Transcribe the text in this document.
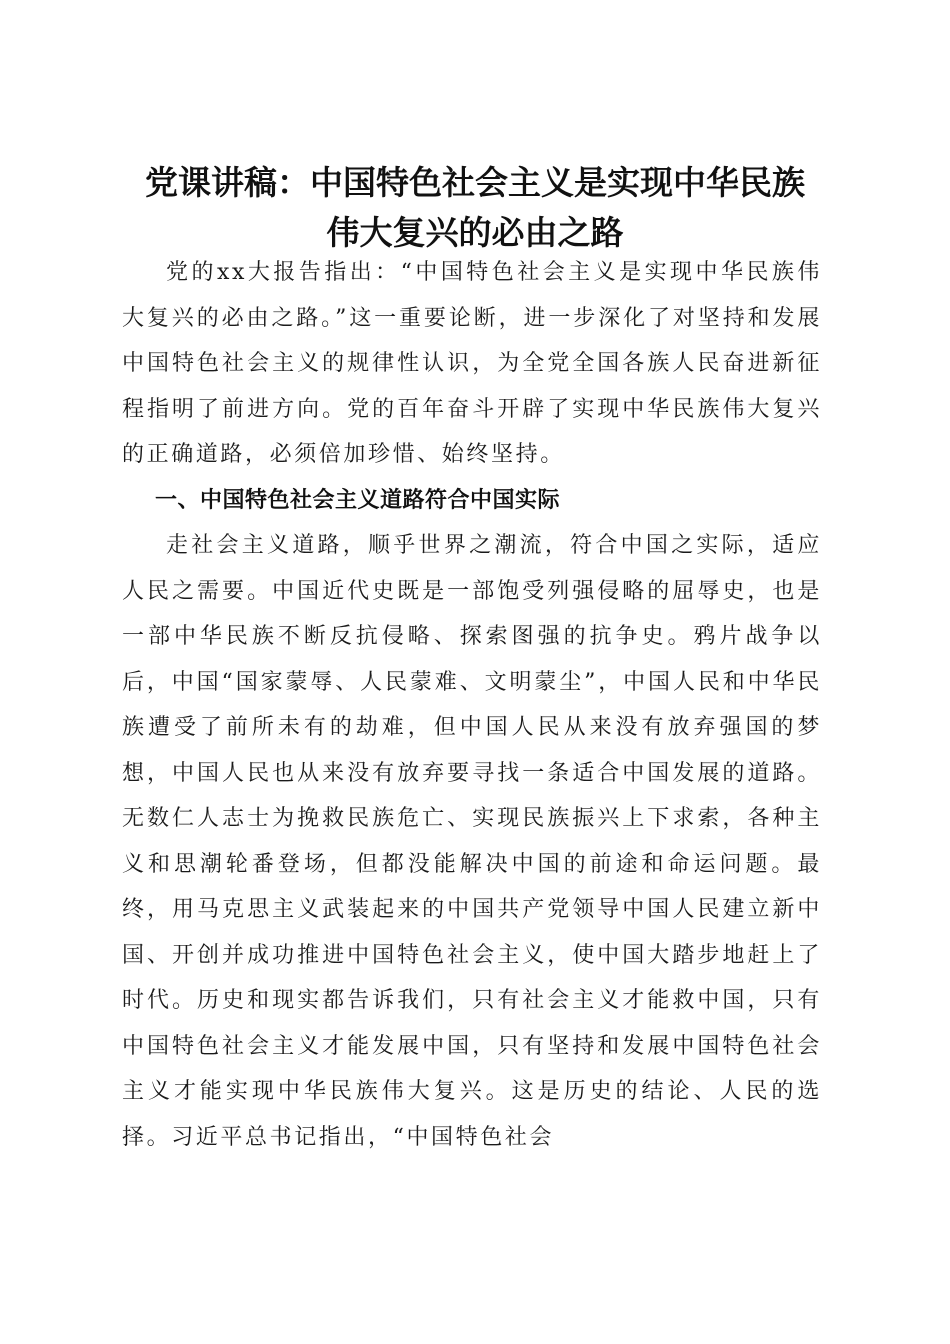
党课讲稿：中国特色社会主义是实现中华民族
伟大复兴的必由之路

党的xx大报告指出：“中国特色社会主义是实现中华民族伟大复兴的必由之路。”这一重要论断，进一步深化了对坚持和发展中国特色社会主义的规律性认识，为全党全国各族人民奋进新征程指明了前进方向。党的百年奋斗开辟了实现中华民族伟大复兴的正确道路，必须倍加珍惜、始终坚持。

一、中国特色社会主义道路符合中国实际

走社会主义道路，顺乎世界之潮流，符合中国之实际，适应人民之需要。中国近代史既是一部饱受列强侵略的屈辱史，也是一部中华民族不断反抗侵略、探索图强的抗争史。鸦片战争以后，中国“国家蒙辱、人民蒙难、文明蒙尘”，中国人民和中华民族遭受了前所未有的劫难，但中国人民从来没有放弃强国的梦想，中国人民也从来没有放弃要寻找一条适合中国发展的道路。无数仁人志士为挽救民族危亡、实现民族振兴上下求索，各种主义和思潮轮番登场，但都没能解决中国的前途和命运问题。最终，用马克思主义武装起来的中国共产党领导中国人民建立新中国、开创并成功推进中国特色社会主义，使中国大踏步地赶上了时代。历史和现实都告诉我们，只有社会主义才能救中国，只有中国特色社会主义才能发展中国，只有坚持和发展中国特色社会主义才能实现中华民族伟大复兴。这是历史的结论、人民的选择。习近平总书记指出，“中国特色社会
